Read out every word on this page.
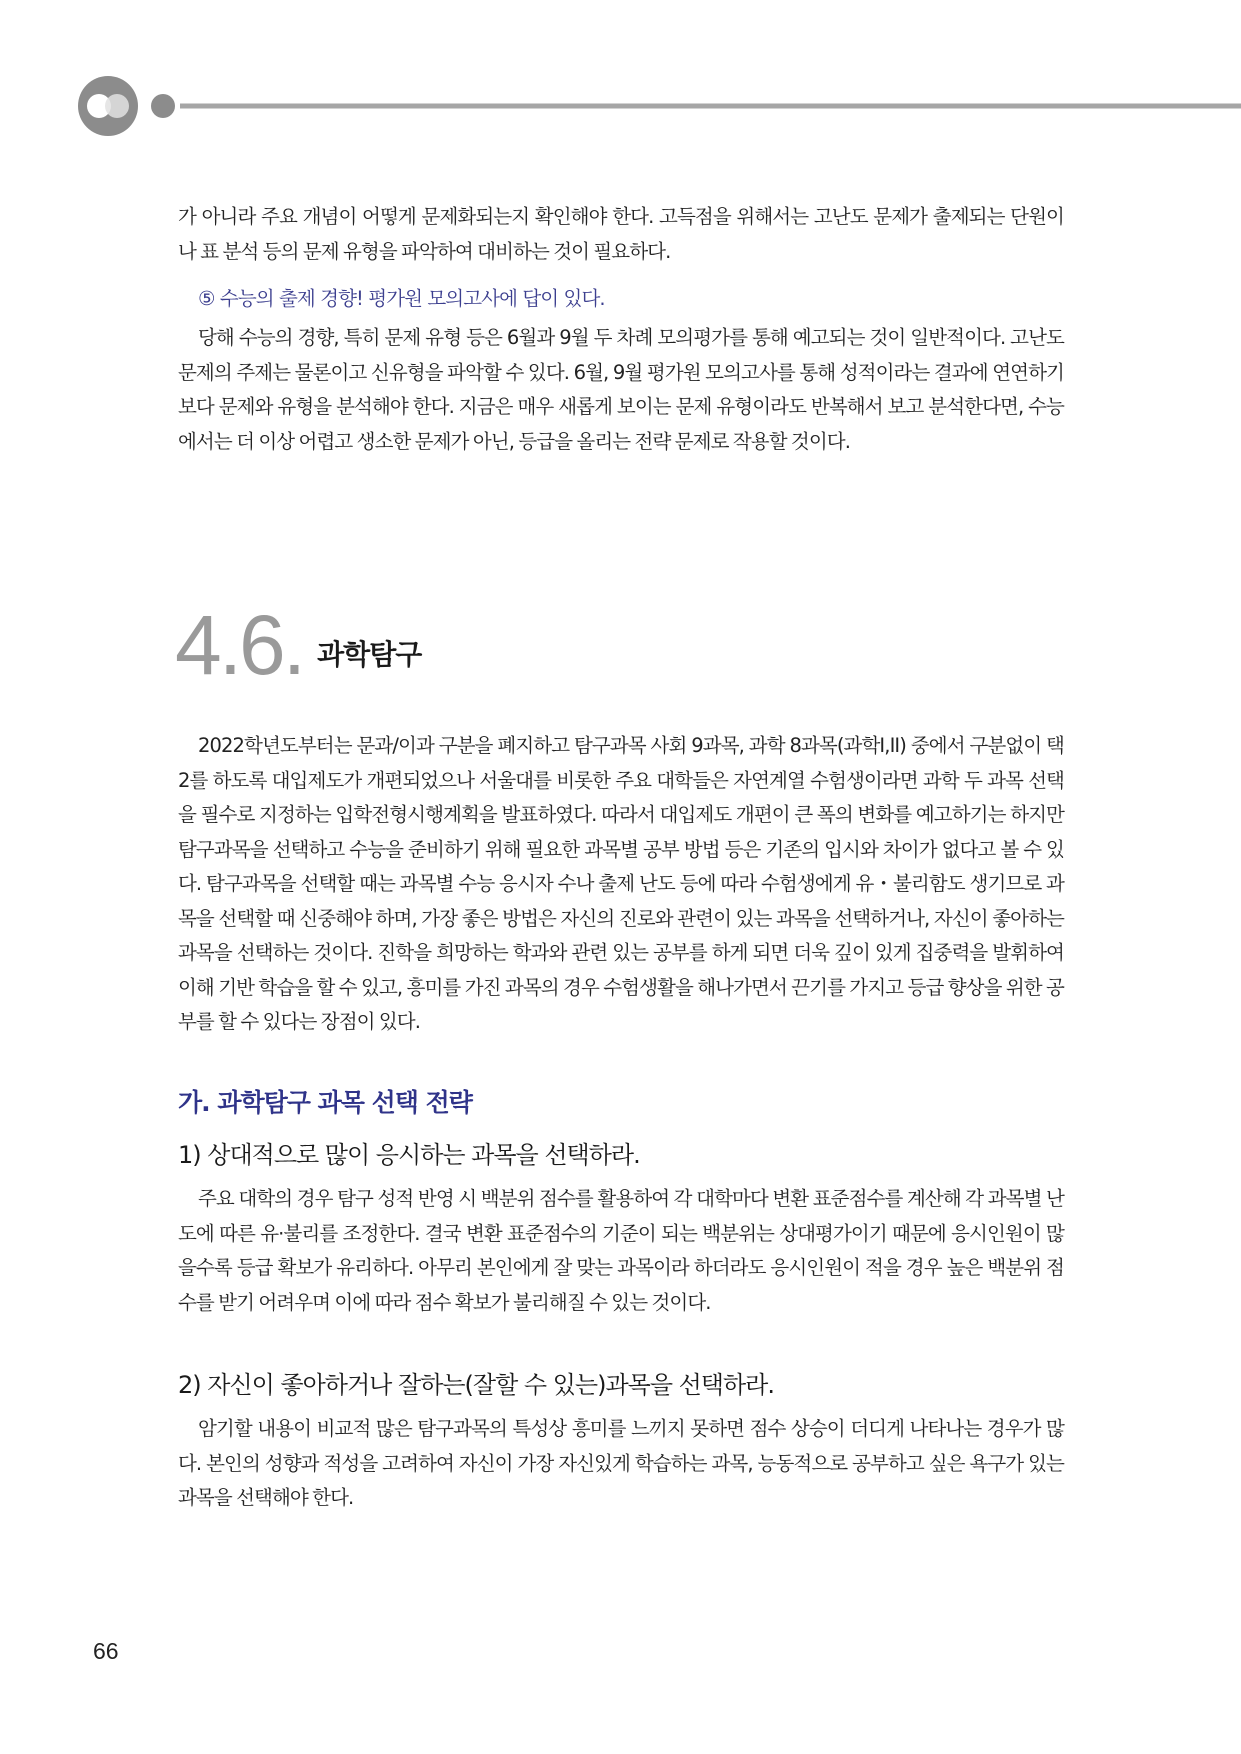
가 아니라 주요 개념이 어떻게 문제화되는지 확인해야 한다. 고득점을 위해서는 고난도 문제가 출제되는 단원이나 표 분석 등의 문제 유형을 파악하여 대비하는 것이 필요하다.

⑤ 수능의 출제 경향! 평가원 모의고사에 답이 있다.

당해 수능의 경향, 특히 문제 유형 등은 6월과 9월 두 차례 모의평가를 통해 예고되는 것이 일반적이다. 고난도 문제의 주제는 물론이고 신유형을 파악할 수 있다. 6월, 9월 평가원 모의고사를 통해 성적이라는 결과에 연연하기보다 문제와 유형을 분석해야 한다. 지금은 매우 새롭게 보이는 문제 유형이라도 반복해서 보고 분석한다면, 수능에서는 더 이상 어렵고 생소한 문제가 아닌, 등급을 올리는 전략 문제로 작용할 것이다.

4.6. 과학탐구

2022학년도부터는 문과/이과 구분을 폐지하고 탐구과목 사회 9과목, 과학 8과목(과학I,II) 중에서 구분없이 택2를 하도록 대입제도가 개편되었으나 서울대를 비롯한 주요 대학들은 자연계열 수험생이라면 과학 두 과목 선택을 필수로 지정하는 입학전형시행계획을 발표하였다. 따라서 대입제도 개편이 큰 폭의 변화를 예고하기는 하지만 탐구과목을 선택하고 수능을 준비하기 위해 필요한 과목별 공부 방법 등은 기존의 입시와 차이가 없다고 볼 수 있다. 탐구과목을 선택할 때는 과목별 수능 응시자 수나 출제 난도 등에 따라 수험생에게 유・불리함도 생기므로 과목을 선택할 때 신중해야 하며, 가장 좋은 방법은 자신의 진로와 관련이 있는 과목을 선택하거나, 자신이 좋아하는 과목을 선택하는 것이다. 진학을 희망하는 학과와 관련 있는 공부를 하게 되면 더욱 깊이 있게 집중력을 발휘하여 이해 기반 학습을 할 수 있고, 흥미를 가진 과목의 경우 수험생활을 해나가면서 끈기를 가지고 등급 향상을 위한 공부를 할 수 있다는 장점이 있다.

가. 과학탐구 과목 선택 전략

1) 상대적으로 많이 응시하는 과목을 선택하라.

주요 대학의 경우 탐구 성적 반영 시 백분위 점수를 활용하여 각 대학마다 변환 표준점수를 계산해 각 과목별 난도에 따른 유·불리를 조정한다. 결국 변환 표준점수의 기준이 되는 백분위는 상대평가이기 때문에 응시인원이 많을수록 등급 확보가 유리하다. 아무리 본인에게 잘 맞는 과목이라 하더라도 응시인원이 적을 경우 높은 백분위 점수를 받기 어려우며 이에 따라 점수 확보가 불리해질 수 있는 것이다.

2) 자신이 좋아하거나 잘하는(잘할 수 있는)과목을 선택하라.

암기할 내용이 비교적 많은 탐구과목의 특성상 흥미를 느끼지 못하면 점수 상승이 더디게 나타나는 경우가 많다. 본인의 성향과 적성을 고려하여 자신이 가장 자신있게 학습하는 과목, 능동적으로 공부하고 싶은 욕구가 있는 과목을 선택해야 한다.

66
